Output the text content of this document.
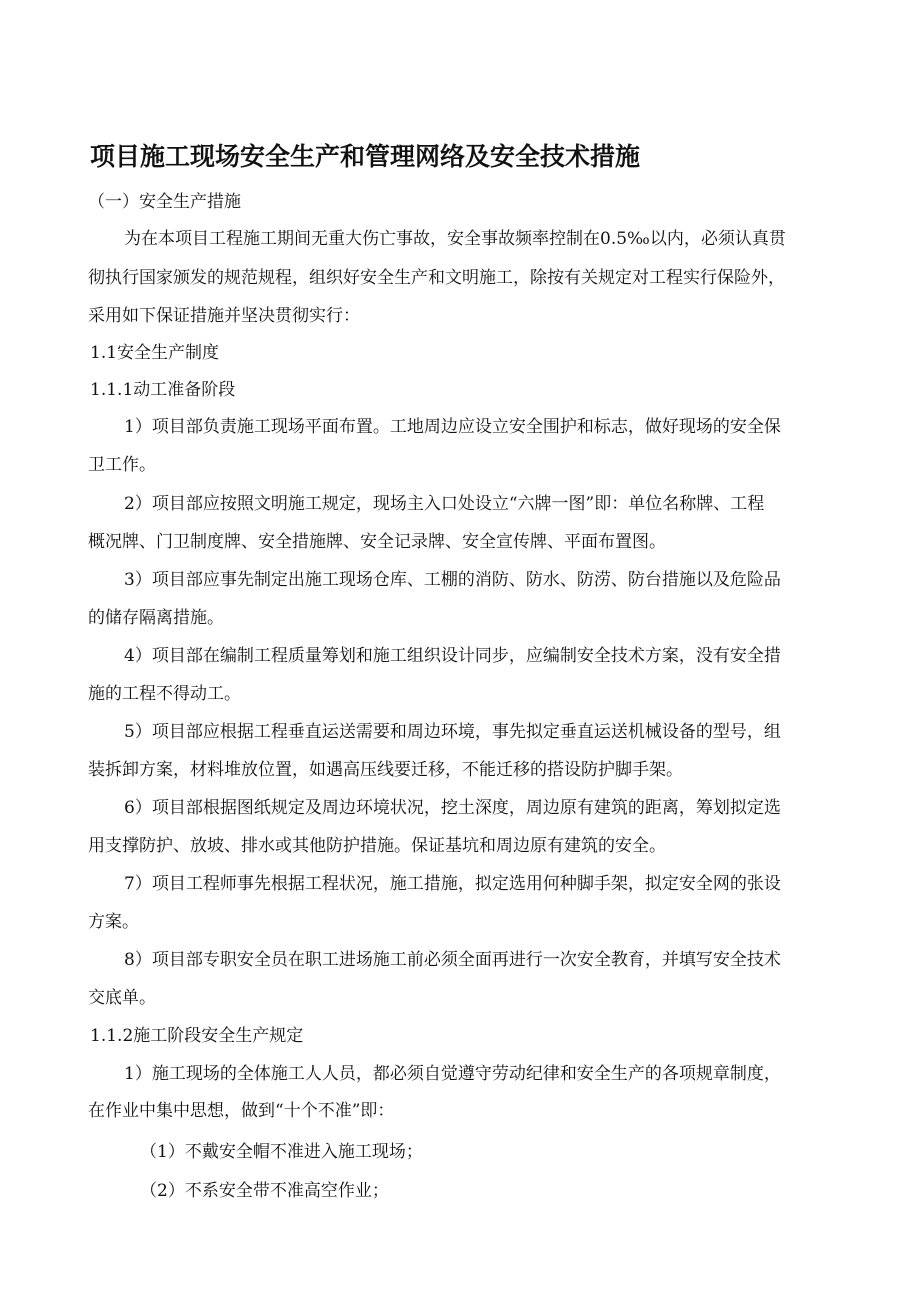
项目施工现场安全生产和管理网络及安全技术措施
（一）安全生产措施
为在本项目工程施工期间无重大伤亡事故，安全事故频率控制在0.5‰以内，必须认真贯
彻执行国家颁发的规范规程，组织好安全生产和文明施工，除按有关规定对工程实行保险外，
采用如下保证措施并坚决贯彻实行：
1.1安全生产制度
1.1.1动工准备阶段
1）项目部负责施工现场平面布置。工地周边应设立安全围护和标志，做好现场的安全保
卫工作。
2）项目部应按照文明施工规定，现场主入口处设立“六牌一图”即：单位名称牌、工程
概况牌、门卫制度牌、安全措施牌、安全记录牌、安全宣传牌、平面布置图。
3）项目部应事先制定出施工现场仓库、工棚的消防、防水、防涝、防台措施以及危险品
的储存隔离措施。
4）项目部在编制工程质量筹划和施工组织设计同步，应编制安全技术方案，没有安全措
施的工程不得动工。
5）项目部应根据工程垂直运送需要和周边环境，事先拟定垂直运送机械设备的型号，组
装拆卸方案，材料堆放位置，如遇高压线要迁移，不能迁移的搭设防护脚手架。
6）项目部根据图纸规定及周边环境状况，挖土深度，周边原有建筑的距离，筹划拟定选
用支撑防护、放坡、排水或其他防护措施。保证基坑和周边原有建筑的安全。
7）项目工程师事先根据工程状况，施工措施，拟定选用何种脚手架，拟定安全网的张设
方案。
8）项目部专职安全员在职工进场施工前必须全面再进行一次安全教育，并填写安全技术
交底单。
1.1.2施工阶段安全生产规定
1）施工现场的全体施工人人员，都必须自觉遵守劳动纪律和安全生产的各项规章制度，
在作业中集中思想，做到“十个不准”即：
（1）不戴安全帽不准进入施工现场；
（2）不系安全带不准高空作业；
